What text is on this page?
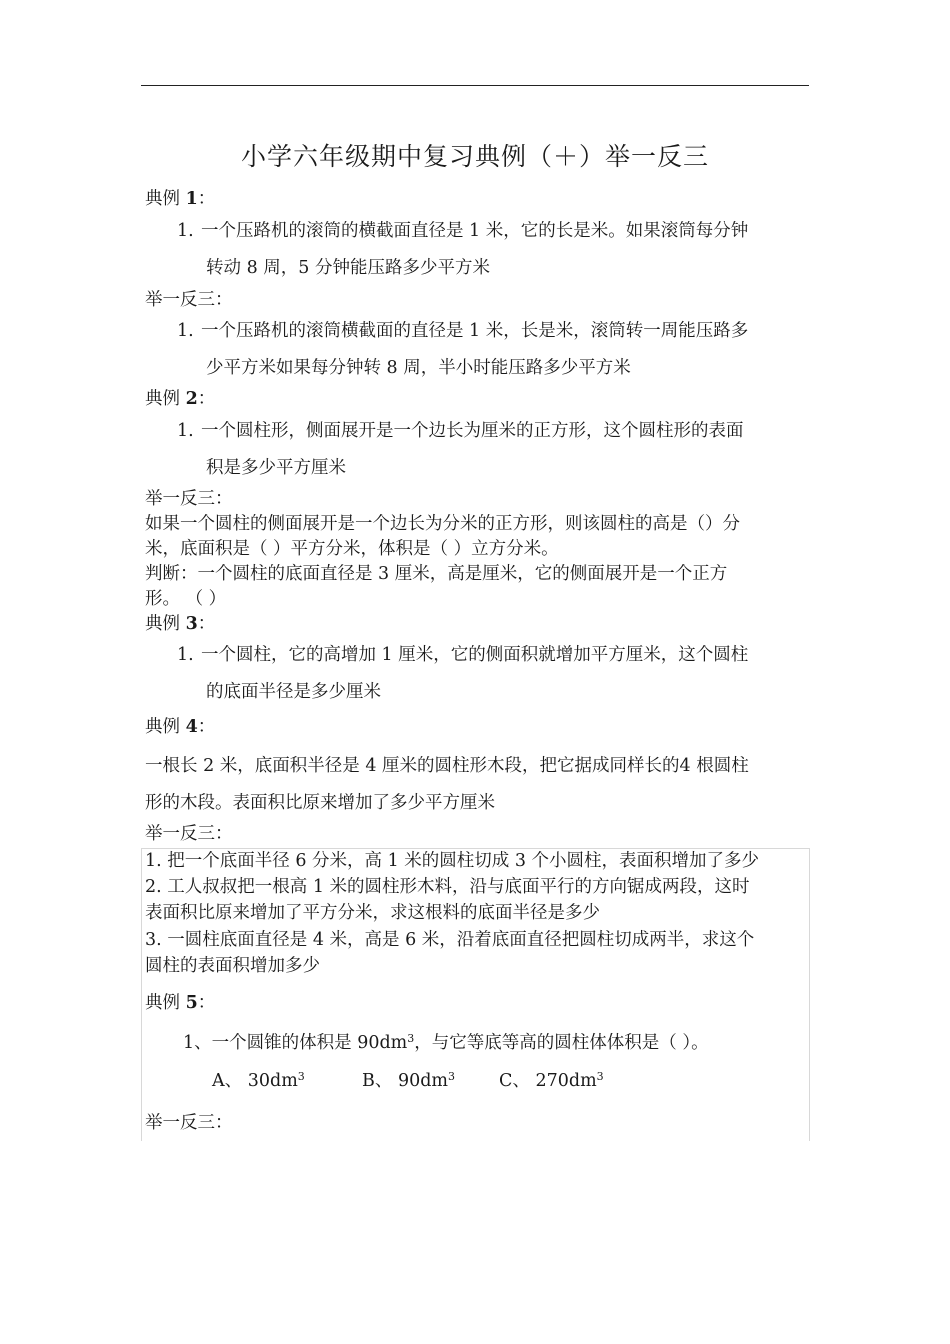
小学六年级期中复习典例（＋）举一反三
典例 1：
1. 一个压路机的滚筒的横截面直径是 1 米，它的长是米。如果滚筒每分钟
转动 8 周，5 分钟能压路多少平方米
举一反三：
1. 一个压路机的滚筒横截面的直径是 1 米，长是米，滚筒转一周能压路多
少平方米如果每分钟转 8 周，半小时能压路多少平方米
典例 2：
1. 一个圆柱形，侧面展开是一个边长为厘米的正方形，这个圆柱形的表面
积是多少平方厘米
举一反三：
如果一个圆柱的侧面展开是一个边长为分米的正方形，则该圆柱的高是（）分
米，底面积是（ ）平方分米，体积是（ ）立方分米。
判断：一个圆柱的底面直径是 3 厘米，高是厘米，它的侧面展开是一个正方
形。 （ ）
典例 3：
1. 一个圆柱，它的高增加 1 厘米，它的侧面积就增加平方厘米，这个圆柱
的底面半径是多少厘米
典例 4：
一根长 2 米，底面积半径是 4 厘米的圆柱形木段，把它据成同样长的4 根圆柱
形的木段。表面积比原来增加了多少平方厘米
举一反三：
1. 把一个底面半径 6 分米，高 1 米的圆柱切成 3 个小圆柱，表面积增加了多少
2. 工人叔叔把一根高 1 米的圆柱形木料，沿与底面平行的方向锯成两段，这时
表面积比原来增加了平方分米，求这根料的底面半径是多少
3. 一圆柱底面直径是 4 米，高是 6 米，沿着底面直径把圆柱切成两半，求这个
圆柱的表面积增加多少
典例 5：
1、一个圆锥的体积是 $90dm^3$，与它等底等高的圆柱体体积是（ ）。
A、 $30dm^3$	B、 $90dm^3$	C、 $270dm^3$
举一反三：
